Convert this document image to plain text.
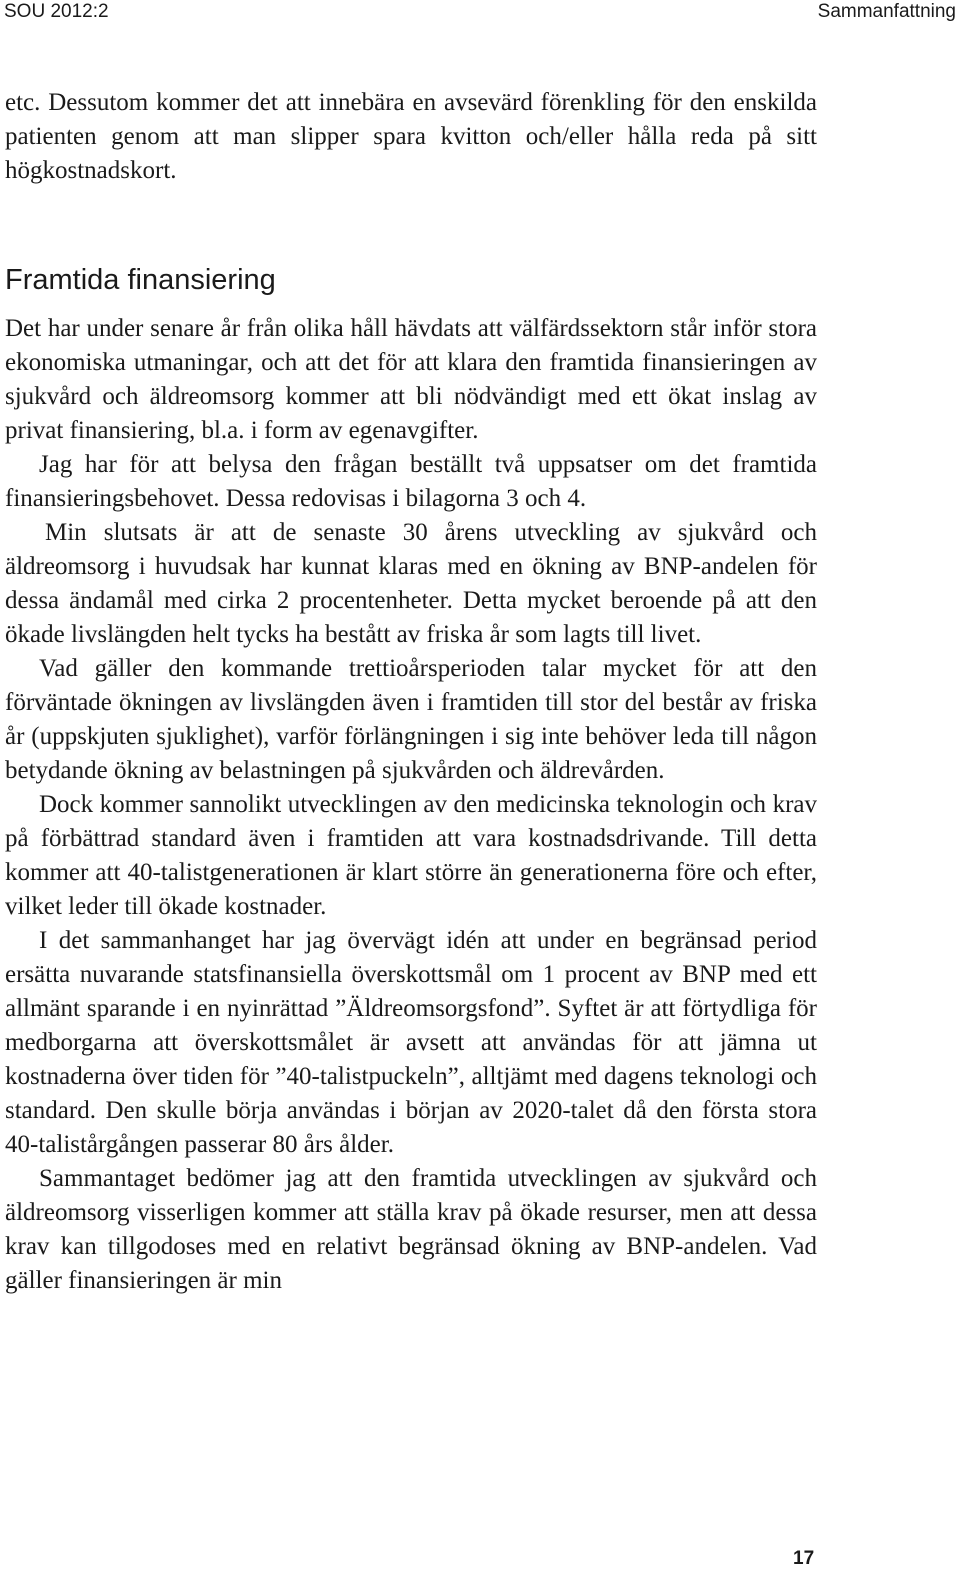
SOU 2012:2	Sammanfattning

etc. Dessutom kommer det att innebära en avsevärd förenkling för den enskilda patienten genom att man slipper spara kvitton och/eller hålla reda på sitt högkostnadskort.

Framtida finansiering

Det har under senare år från olika håll hävdats att välfärdssektorn står inför stora ekonomiska utmaningar, och att det för att klara den framtida finansieringen av sjukvård och äldreomsorg kommer att bli nödvändigt med ett ökat inslag av privat finansiering, bl.a. i form av egenavgifter.

Jag har för att belysa den frågan beställt två uppsatser om det framtida finansieringsbehovet. Dessa redovisas i bilagorna 3 och 4.

Min slutsats är att de senaste 30 årens utveckling av sjukvård och äldreomsorg i huvudsak har kunnat klaras med en ökning av BNP-andelen för dessa ändamål med cirka 2 procentenheter. Detta mycket beroende på att den ökade livslängden helt tycks ha bestått av friska år som lagts till livet.

Vad gäller den kommande trettioårsperioden talar mycket för att den förväntade ökningen av livslängden även i framtiden till stor del består av friska år (uppskjuten sjuklighet), varför förlängningen i sig inte behöver leda till någon betydande ökning av belastningen på sjukvården och äldrevården.

Dock kommer sannolikt utvecklingen av den medicinska teknologin och krav på förbättrad standard även i framtiden att vara kostnadsdrivande. Till detta kommer att 40-talistgenerationen är klart större än generationerna före och efter, vilket leder till ökade kostnader.

I det sammanhanget har jag övervägt idén att under en begränsad period ersätta nuvarande statsfinansiella överskottsmål om 1 procent av BNP med ett allmänt sparande i en nyinrättad ”Äldreomsorgsfond”. Syftet är att förtydliga för medborgarna att överskottsmålet är avsett att användas för att jämna ut kostnaderna över tiden för ”40-talistpuckeln”, alltjämt med dagens teknologi och standard. Den skulle börja användas i början av 2020-talet då den första stora 40-talistårgången passerar 80 års ålder.

Sammantaget bedömer jag att den framtida utvecklingen av sjukvård och äldreomsorg visserligen kommer att ställa krav på ökade resurser, men att dessa krav kan tillgodoses med en relativt begränsad ökning av BNP-andelen. Vad gäller finansieringen är min

17
